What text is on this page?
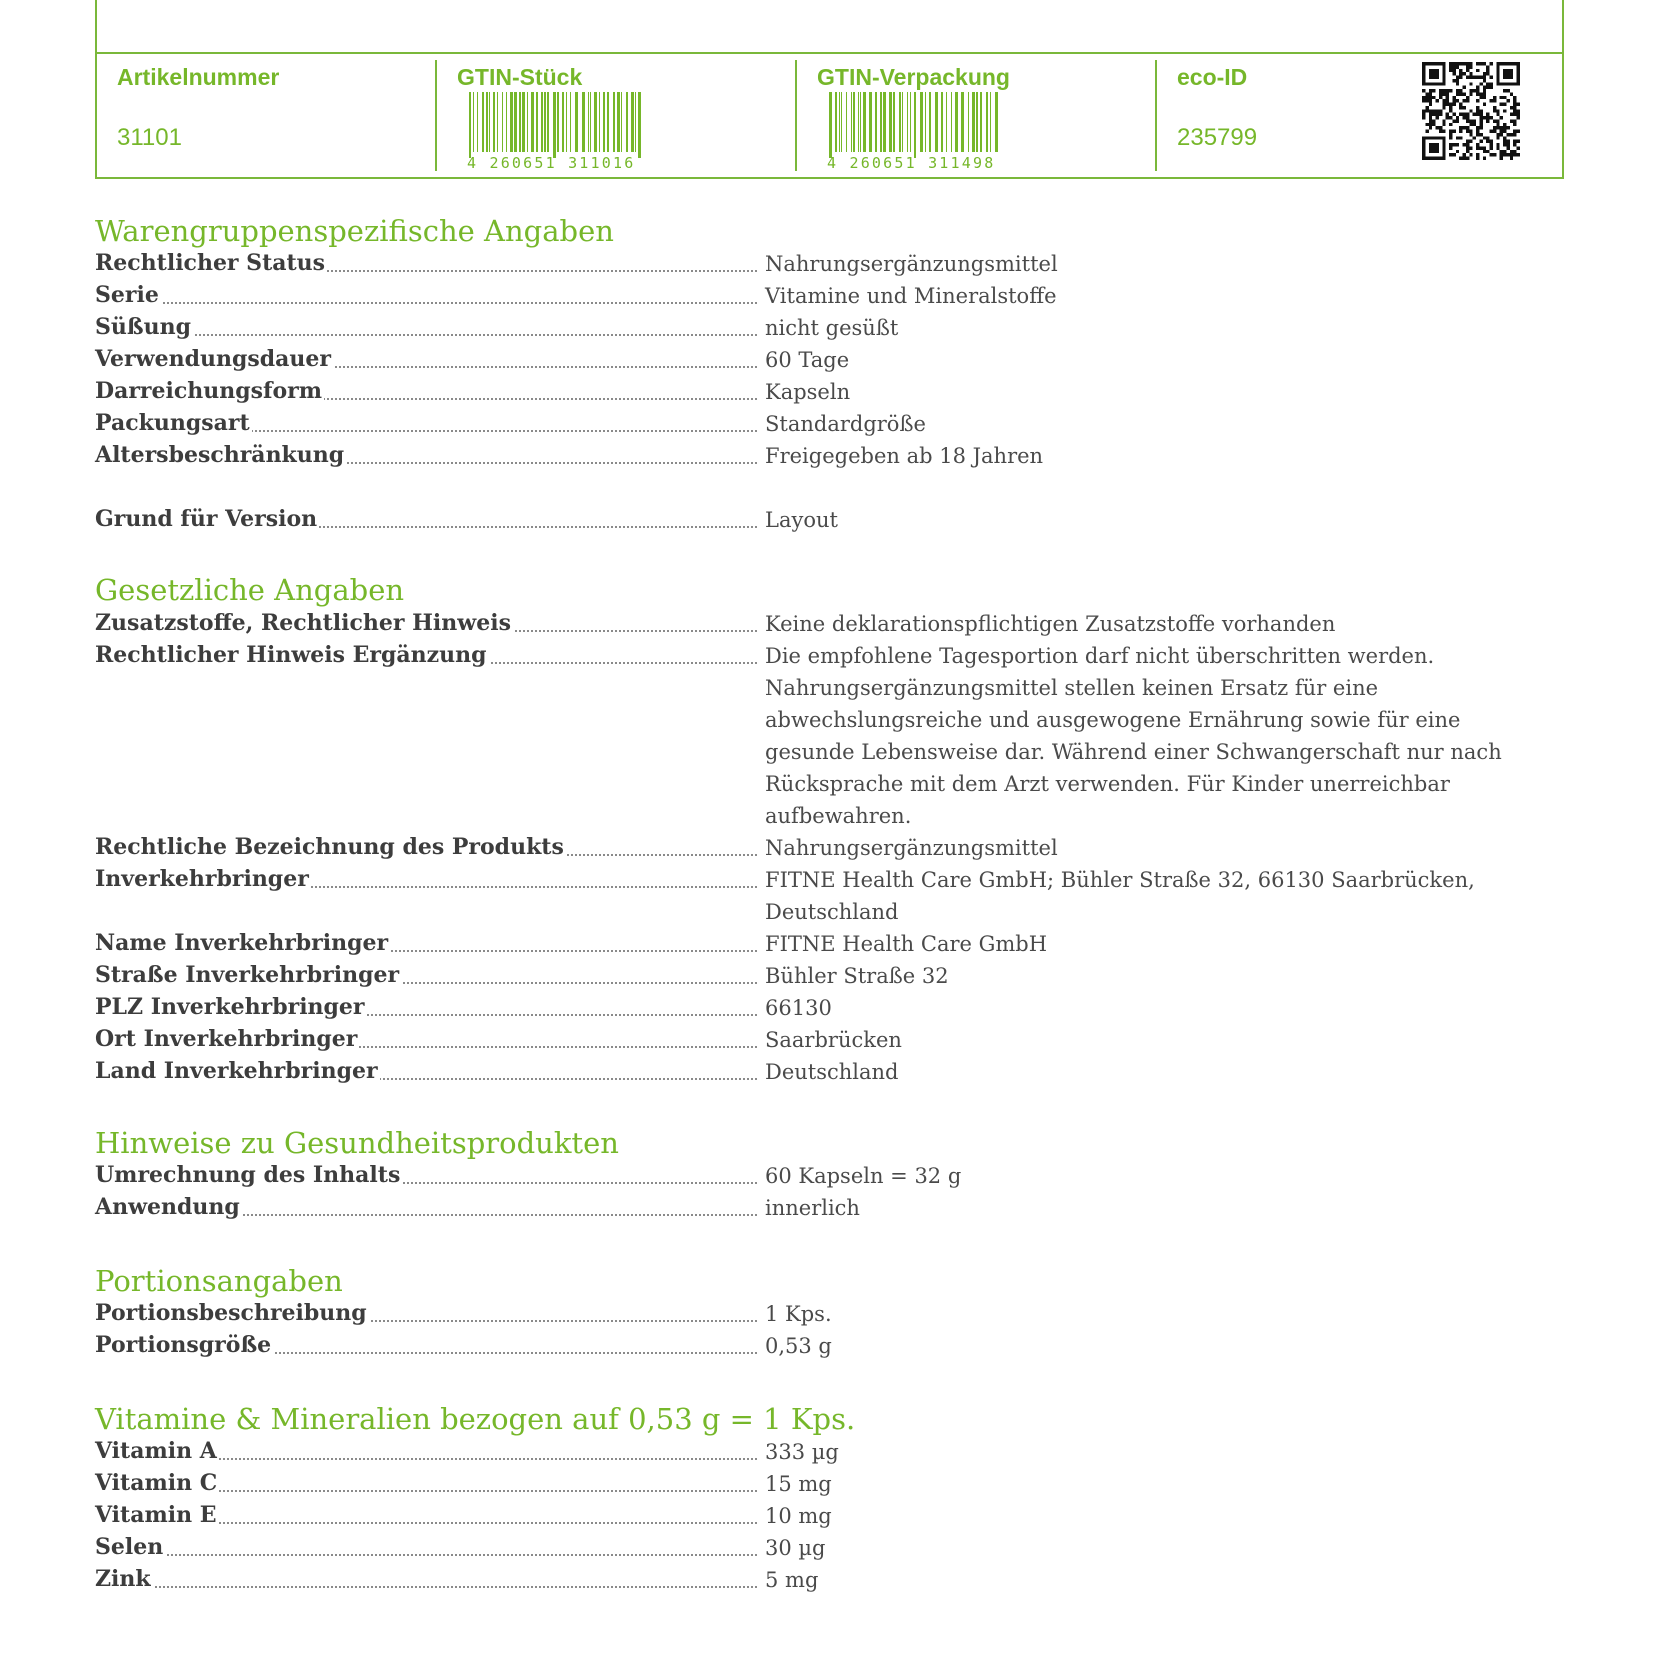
Artikelnummer
31101
GTIN-Stück
4 260651 311016
GTIN-Verpackung
4 260651 311498
eco-ID
235799
Warengruppenspezifische Angaben
Rechtlicher Status	Nahrungsergänzungsmittel
Serie	Vitamine und Mineralstoffe
Süßung	nicht gesüßt
Verwendungsdauer	60 Tage
Darreichungsform	Kapseln
Packungsart	Standardgröße
Altersbeschränkung	Freigegeben ab 18 Jahren
Grund für Version	Layout
Gesetzliche Angaben
Zusatzstoffe, Rechtlicher Hinweis	Keine deklarationspflichtigen Zusatzstoffe vorhanden
Rechtlicher Hinweis Ergänzung	Die empfohlene Tagesportion darf nicht überschritten werden. Nahrungsergänzungsmittel stellen keinen Ersatz für eine abwechslungsreiche und ausgewogene Ernährung sowie für eine gesunde Lebensweise dar. Während einer Schwangerschaft nur nach Rücksprache mit dem Arzt verwenden. Für Kinder unerreichbar aufbewahren.
Rechtliche Bezeichnung des Produkts	Nahrungsergänzungsmittel
Inverkehrbringer	FITNE Health Care GmbH; Bühler Straße 32, 66130 Saarbrücken, Deutschland
Name Inverkehrbringer	FITNE Health Care GmbH
Straße Inverkehrbringer	Bühler Straße 32
PLZ Inverkehrbringer	66130
Ort Inverkehrbringer	Saarbrücken
Land Inverkehrbringer	Deutschland
Hinweise zu Gesundheitsprodukten
Umrechnung des Inhalts	60 Kapseln = 32 g
Anwendung	innerlich
Portionsangaben
Portionsbeschreibung	1 Kps.
Portionsgröße	0,53 g
Vitamine & Mineralien bezogen auf 0,53 g = 1 Kps.
Vitamin A	333 µg
Vitamin C	15 mg
Vitamin E	10 mg
Selen	30 µg
Zink	5 mg
